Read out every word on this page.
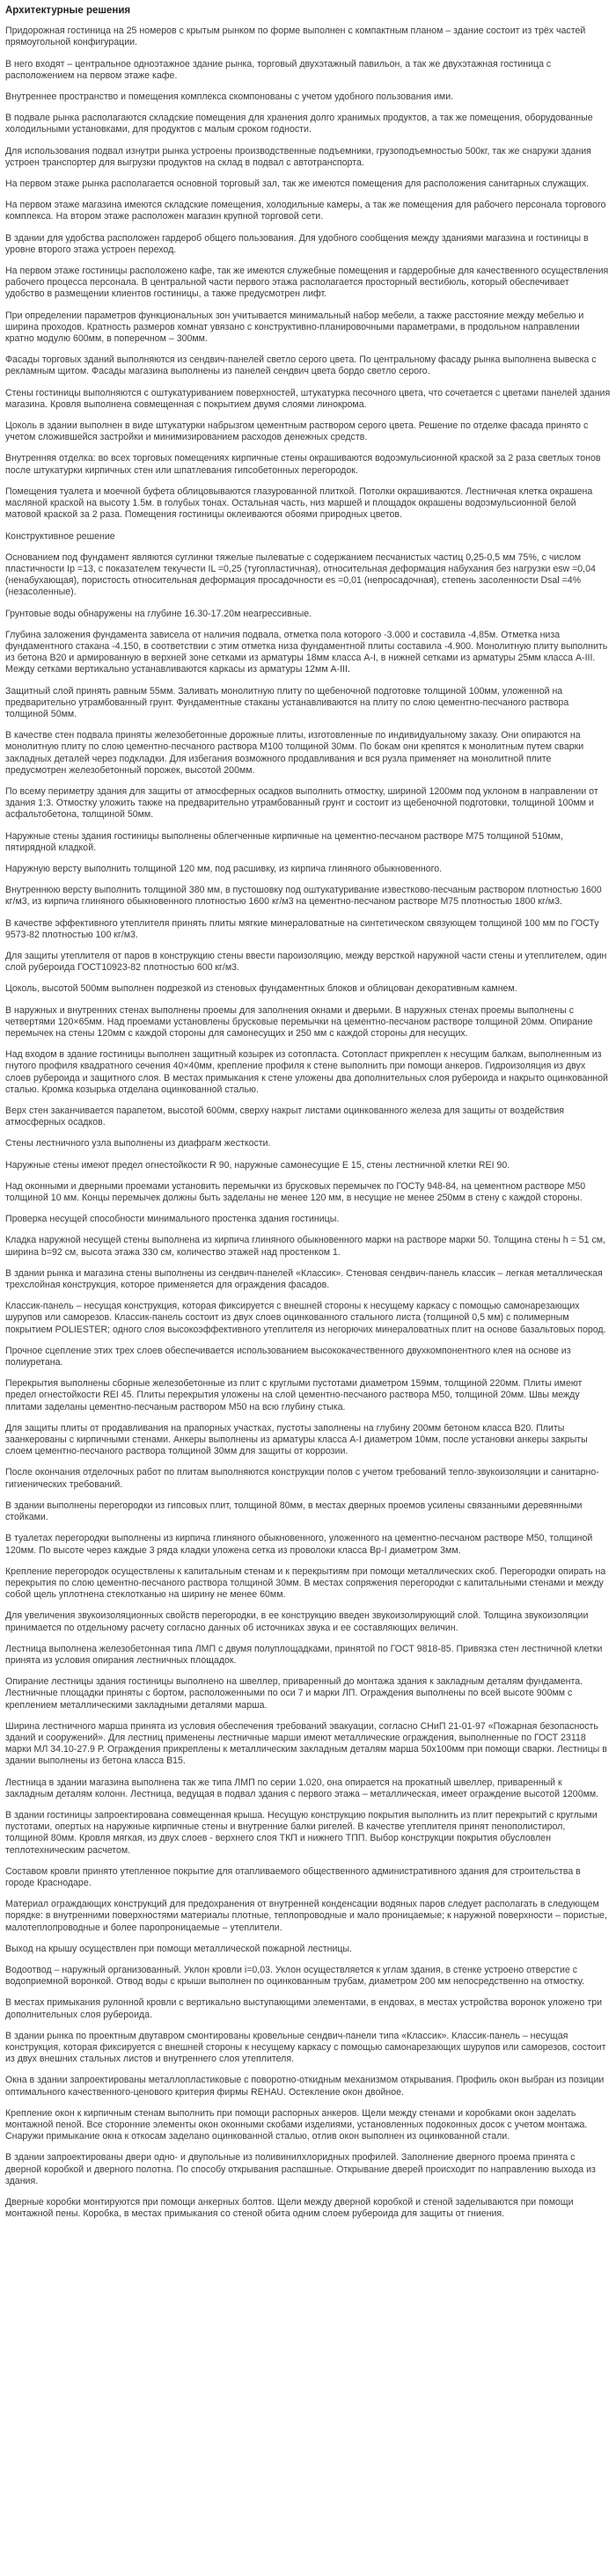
Архитектурные решения

Придорожная гостиница на 25 номеров с крытым рынком по форме выполнен с компактным планом – здание состоит из трёх частей прямоугольной конфигурации.

В него входят – центральное одноэтажное здание рынка, торговый двухэтажный павильон, а так же двухэтажная гостиница с расположением на первом этаже кафе.

Внутреннее пространство и помещения комплекса скомпонованы с учетом удобного пользования ими.

В подвале рынка располагаются складские помещения для хранения долго хранимых продуктов, а так же помещения, оборудованные холодильными установками, для продуктов с малым сроком годности.

Для использования подвал изнутри рынка устроены производственные подъемники, грузоподъемностью 500кг, так же снаружи здания устроен транспортер для выгрузки продуктов на склад в подвал с автотранспорта.

На первом этаже рынка располагается основной торговый зал, так же имеются помещения для расположения санитарных служащих.

На первом этаже магазина имеются складские помещения, холодильные камеры, а так же помещения для рабочего персонала торгового комплекса. На втором этаже расположен магазин крупной торговой сети.

В здании для удобства расположен гардероб общего пользования. Для удобного сообщения между зданиями магазина и гостиницы в уровне второго этажа устроен переход.

На первом этаже гостиницы расположено кафе, так же имеются служебные помещения и гардеробные для качественного осуществления рабочего процесса персонала. В центральной части первого этажа располагается просторный вестибюль, который обеспечивает удобство в размещении клиентов гостиницы, а также предусмотрен лифт.

При определении параметров функциональных зон учитывается минимальный набор мебели, а также расстояние между мебелью и ширина проходов. Кратность размеров комнат увязано с конструктивно-планировочными параметрами, в продольном направлении кратно модулю 600мм, в поперечном – 300мм.

Фасады торговых зданий выполняются из сендвич-панелей светло серого цвета. По центральному фасаду рынка выполнена вывеска с рекламным щитом. Фасады магазина выполнены из панелей сендвич цвета бордо светло серого.

Стены гостиницы выполняются с оштукатуриванием поверхностей, штукатурка песочного цвета, что сочетается с цветами панелей здания магазина. Кровля выполнена совмещенная с покрытием двумя слоями линокрома.

Цоколь в здании выполнен в виде штукатурки набрызгом цементным раствором серого цвета. Решение по отделке фасада принято с учетом сложившейся застройки и минимизированием расходов денежных средств.

Внутренняя отделка: во всех торговых помещениях кирпичные стены окрашиваются водоэмульсионной краской за 2 раза светлых тонов после штукатурки кирпичных стен или шпатлевания гипсобетонных перегородок.

Помещения туалета и моечной буфета облицовываются глазурованной плиткой. Потолки окрашиваются. Лестничная клетка окрашена масляной краской на высоту 1.5м. в голубых тонах. Остальная часть, низ маршей и площадок окрашены водоэмульсионной белой матовой краской за 2 раза. Помещения гостиницы оклеиваются обоями природных цветов.

Конструктивное решение

Основанием под фундамент являются суглинки тяжелые пылеватые с содержанием песчанистых частиц 0,25-0,5 мм 75%, с числом пластичности Ip =13, с показателем текучести IL =0,25 (тугопластичная), относительная деформация набухания без нагрузки esw =0,04 (ненабухающая), пористость относительная деформация просадочности es =0,01 (непросадочная), степень засоленности Dsal =4%(незасоленные).

Грунтовые воды обнаружены на глубине 16.30-17.20м неагрессивные.

Глубина заложения фундамента зависела от наличия подвала, отметка пола которого -3.000 и составила -4,85м. Отметка низа фундаментного стакана -4.150, в соответствии с этим отметка низа фундаментной плиты составила -4.900. Монолитную плиту выполнить из бетона В20 и армированную в верхней зоне сетками из арматуры 18мм класса А-I, в нижней сетками из арматуры 25мм класса А-III. Между сетками вертикально устанавливаются каркасы из арматуры 12мм А-III.

Защитный слой принять равным 55мм. Заливать монолитную плиту по щебеночной подготовке толщиной 100мм, уложенной на предварительно утрамбованный грунт. Фундаментные стаканы устанавливаются на плиту по слою цементно-песчаного раствора толщиной 50мм.

В качестве стен подвала приняты железобетонные дорожные плиты, изготовленные по индивидуальному заказу. Они опираются на монолитную плиту по слою цементно-песчаного раствора М100 толщиной 30мм. По бокам они крепятся к монолитным путем сварки закладных деталей через подкладки. Для избегания возможного продавливания и вся рузла применяет на монолитной плите предусмотрен железобетонный порожек, высотой 200мм.

По всему периметру здания для защиты от атмосферных осадков выполнить отмостку, шириной 1200мм под уклоном в направлении от здания 1:3. Отмостку уложить также на предварительно утрамбованный грунт и состоит из щебеночной подготовки, толщиной 100мм и асфальтобетона, толщиной 50мм.

Наружные стены здания гостиницы выполнены облегченные кирпичные на цементно-песчаном растворе М75 толщиной 510мм, пятирядной кладкой.

Наружную версту выполнить толщиной 120 мм, под расшивку, из кирпича глиняного обыкновенного.

Внутреннюю версту выполнить толщиной 380 мм, в пустошовку под оштукатуривание известково-песчаным раствором плотностью 1600 кг/м3, из кирпича глиняного обыкновенного плотностью 1600 кг/м3 на цементно-песчаном растворе М75 плотностью 1800 кг/м3.

В качестве эффективного утеплителя принять плиты мягкие минераловатные на синтетическом связующем толщиной 100 мм по ГОСТу 9573-82 плотностью 100 кг/м3.

Для защиты утеплителя от паров в конструкцию стены ввести пароизоляцию, между версткой наружной части стены и утеплителем, один слой рубероида ГОСТ10923-82 плотностью 600 кг/м3.

Цоколь, высотой 500мм выполнен подрезкой из стеновых фундаментных блоков и облицован декоративным камнем.

В наружных и внутренних стенах выполнены проемы для заполнения окнами и дверьми. В наружных стенах проемы выполнены с четвертями 120×65мм. Над проемами установлены брусковые перемычки на цементно-песчаном растворе толщиной 20мм. Опирание перемычек на стены 120мм с каждой стороны для самонесущих и 250 мм с каждой стороны для несущих.

Над входом в здание гостиницы выполнен защитный козырек из сотопласта. Сотопласт прикреплен к несущим балкам, выполненным из гнутого профиля квадратного сечения 40×40мм, крепление профиля к стене выполнить при помощи анкеров. Гидроизоляция из двух слоев рубероида и защитного слоя. В местах примыкания к стене уложены два дополнительных слоя рубероида и накрыто оцинкованной сталью. Кромка козырька отделана оцинкованной сталью.

Верх стен заканчивается парапетом, высотой 600мм, сверху накрыт листами оцинкованного железа для защиты от воздействия атмосферных осадков.

Стены лестничного узла выполнены из диафрагм жесткости.

Наружные стены имеют предел огнестойкости R 90, наружные самонесущие Е 15, стены лестничной клетки REI 90.

Над оконными и дверными проемами установить перемычки из брусковых перемычек по ГОСТу 948-84, на цементном растворе М50 толщиной 10 мм. Концы перемычек должны быть заделаны не менее 120 мм, в несущие не менее 250мм в стену с каждой стороны.

Проверка несущей способности минимального простенка здания гостиницы.

Кладка наружной несущей стены выполнена из кирпича глиняного обыкновенного марки на растворе марки 50. Толщина стены h = 51 см, ширина b=92 см, высота этажа 330 см, количество этажей над простенком 1.

В здании рынка и магазина стены выполнены из сендвич-панелей «Классик». Стеновая сендвич-панель классик – легкая металлическая трехслойная конструкция, которое применяется для ограждения фасадов.

Классик-панель – несущая конструкция, которая фиксируется с внешней стороны к несущему каркасу с помощью самонарезающих шурупов или саморезов. Классик-панель состоит из двух слоев оцинкованного стального листа (толщиной 0,5 мм) с полимерным покрытием POLIESTER; одного слоя высокоэффективного утеплителя из негорючих минераловатных плит на основе базальтовых пород.

Прочное сцепление этих трех слоев обеспечивается использованием высококачественного двухкомпонентного клея на основе из полиуретана.

Перекрытия выполнены сборные железобетонные из плит с круглыми пустотами диаметром 159мм, толщиной 220мм. Плиты имеют предел огнестойкости REI 45. Плиты перекрытия уложены на слой цементно-песчаного раствора М50, толщиной 20мм. Швы между плитами заделаны цементно-песчаным раствором М50 на всю глубину стыка.

Для защиты плиты от продавливания на прапорных участках, пустоты заполнены на глубину 200мм бетоном класса В20. Плиты заанкерованы с кирпичными стенами. Анкеры выполнены из арматуры класса А-I диаметром 10мм, после установки анкеры закрыты слоем цементно-песчаного раствора толщиной 30мм для защиты от коррозии.

После окончания отделочных работ по плитам выполняются конструкции полов с учетом требований тепло-звукоизоляции и санитарно-гигиенических требований.

В здании выполнены перегородки из гипсовых плит, толщиной 80мм, в местах дверных проемов усилены связанными деревянными стойками.

В туалетах перегородки выполнены из кирпича глиняного обыкновенного, уложенного на цементно-песчаном растворе М50, толщиной 120мм. По высоте через каждые 3 ряда кладки уложена сетка из проволоки класса Вр-I диаметром 3мм.

Крепление перегородок осуществлены к капитальным стенам и к перекрытиям при помощи металлических скоб. Перегородки опирать на перекрытия по слою цементно-песчаного раствора толщиной 30мм. В местах сопряжения перегородки с капитальными стенами и между собой щель уплотнена стеклотканью на ширину не менее 60мм.

Для увеличения звукоизоляционных свойств перегородки, в ее конструкцию введен звукоизолирующий слой. Толщина звукоизоляции принимается по отдельному расчету согласно данных об источниках звука и ее составляющих величин.

Лестница выполнена железобетонная типа ЛМП с двумя полуплощадками, принятой по ГОСТ 9818-85. Привязка стен лестничной клетки принята из условия опирания лестничных площадок.

Опирание лестницы здания гостиницы выполнено на швеллер, приваренный до монтажа здания к закладным деталям фундамента. Лестничные площадки приняты с бортом, расположенными по оси 7 и марки ЛП. Ограждения выполнены по всей высоте 900мм с креплением металлическими закладными деталями марша.

Ширина лестничного марша принята из условия обеспечения требований эвакуации, согласно СНиП 21-01-97 «Пожарная безопасность зданий и сооружений». Для лестниц применены лестничные марши имеют металлические ограждения, выполненные по ГОСТ 23118 марки МЛ 34.10-27.9 Р. Ограждения прикреплены к металлическим закладным деталям марша 50х100мм при помощи сварки. Лестницы в здании выполнены из бетона класса В15.

Лестница в здании магазина выполнена так же типа ЛМП по серии 1.020, она опирается на прокатный швеллер, приваренный к закладным деталям колонн. Лестница, ведущая в подвал здания с первого этажа – металлическая, имеет ограждение высотой 1200мм.

В здании гостиницы запроектирована совмещенная крыша. Несущую конструкцию покрытия выполнить из плит перекрытий с круглыми пустотами, опертых на наружные кирпичные стены и внутренние балки ригелей. В качестве утеплителя принят пенополистирол, толщиной 80мм. Кровля мягкая, из двух слоев - верхнего слоя ТКП и нижнего ТПП. Выбор конструкции покрытия обусловлен теплотехническим расчетом.

Составом кровли принято утепленное покрытие для отапливаемого общественного административного здания для строительства в городе Краснодаре.

Материал ограждающих конструкций для предохранения от внутренней конденсации водяных паров следует располагать в следующем порядке: в внутренними поверхностями материалы плотные, теплопроводные и мало проницаемые; к наружной поверхности – пористые, малотеплопроводные и более паропроницаемые – утеплители.

Выход на крышу осуществлен при помощи металлической пожарной лестницы.

Водоотвод – наружный организованный. Уклон кровли i=0,03. Уклон осуществляется к углам здания, в стенке устроено отверстие с водоприемной воронкой. Отвод воды с крыши выполнен по оцинкованным трубам, диаметром 200 мм непосредственно на отмостку.

В местах примыкания рулонной кровли с вертикально выступающими элементами, в ендовах, в местах устройства воронок уложено три дополнительных слоя рубероида.

В здании рынка по проектным двутавром смонтированы кровельные сендвич-панели типа «Классик». Классик-панель – несущая конструкция, которая фиксируется с внешней стороны к несущему каркасу с помощью самонарезающих шурупов или саморезов, состоит из двух внешних стальных листов и внутреннего слоя утеплителя.

Окна в здании запроектированы металлопластиковые с поворотно-откидным механизмом открывания. Профиль окон выбран из позиции оптимального качественного-ценового критерия фирмы REHAU. Остекление окон двойное.

Крепление окон к кирпичным стенам выполнить при помощи распорных анкеров. Щели между стенами и коробками окон заделать монтажной пеной. Все сторонние элементы окон оконными скобами изделиями, установленных подоконных досок с учетом монтажа. Снаружи примыкание окна к откосам заделано оцинкованной сталью, отлив окон выполнен из оцинкованной стали.

В здании запроектированы двери одно- и двупольные из поливинилхлоридных профилей. Заполнение дверного проема принята с дверной коробкой и дверного полотна. По способу открывания распашные. Открывание дверей происходит по направлению выхода из здания.

Дверные коробки монтируются при помощи анкерных болтов. Щели между дверной коробкой и стеной заделываются при помощи монтажной пены. Коробка, в местах примыкания со стеной обита одним слоем рубероида для защиты от гниения.
